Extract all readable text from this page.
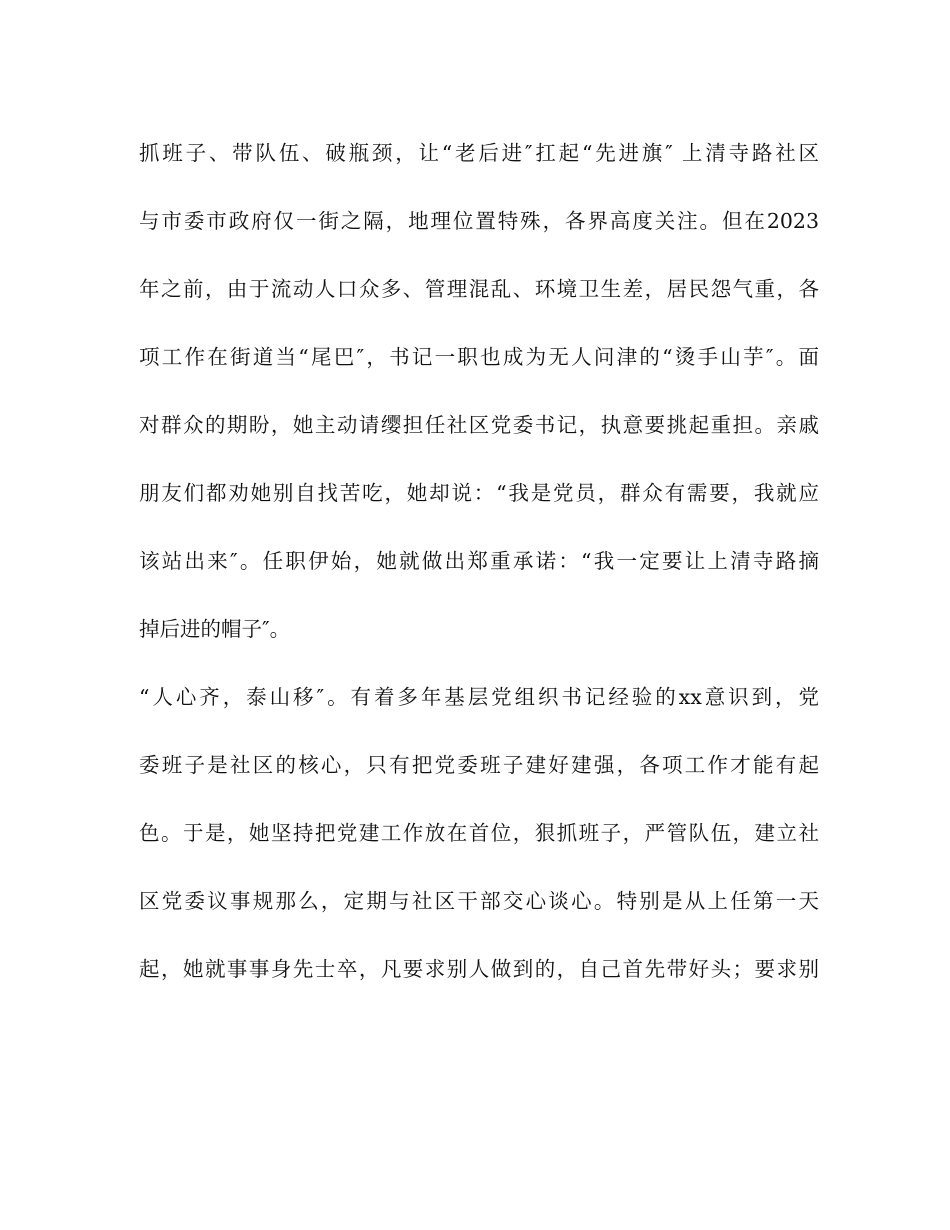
抓班子、带队伍、破瓶颈，让“老后进″扛起“先进旗″ 上清寺路社区
与市委市政府仅一街之隔，地理位置特殊，各界高度关注。但在2023
年之前，由于流动人口众多、管理混乱、环境卫生差，居民怨气重，各
项工作在街道当“尾巴″，书记一职也成为无人问津的“烫手山芋″。面
对群众的期盼，她主动请缨担任社区党委书记，执意要挑起重担。亲戚
朋友们都劝她别自找苦吃，她却说：“我是党员，群众有需要，我就应
该站出来″。任职伊始，她就做出郑重承诺：“我一定要让上清寺路摘
掉后进的帽子″。
“人心齐，泰山移″。有着多年基层党组织书记经验的xx意识到，党
委班子是社区的核心，只有把党委班子建好建强，各项工作才能有起
色。于是，她坚持把党建工作放在首位，狠抓班子，严管队伍，建立社
区党委议事规那么，定期与社区干部交心谈心。特别是从上任第一天
起，她就事事身先士卒，凡要求别人做到的，自己首先带好头；要求别
